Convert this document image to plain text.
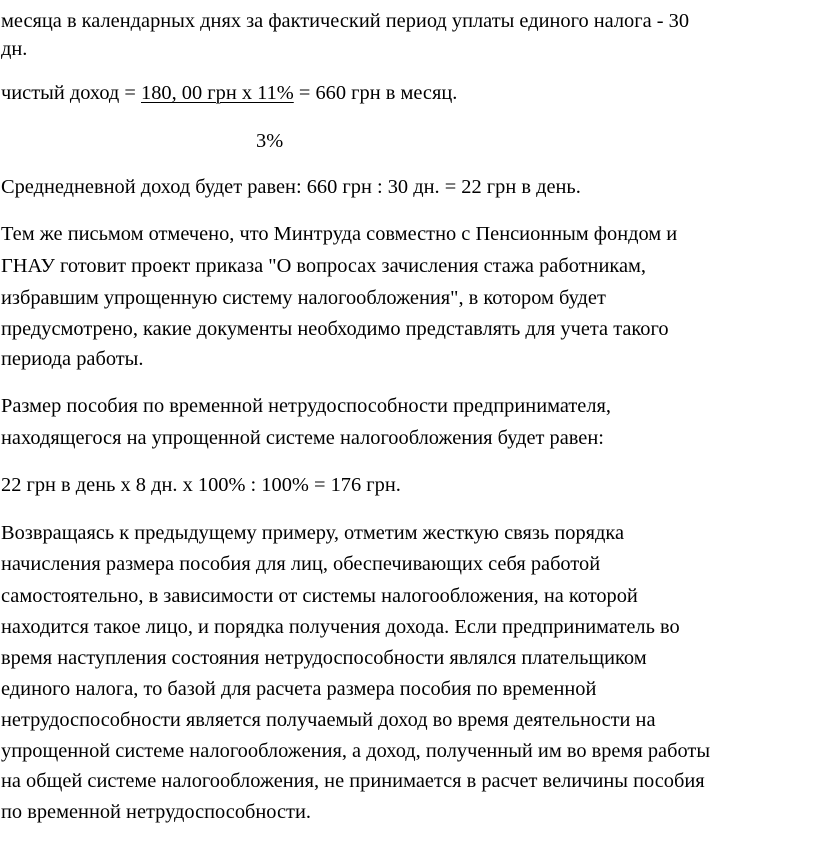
месяца в календарных днях за фактический период уплаты единого налога - 30
дн.
чистый доход = 180, 00 грн х 11% = 660 грн в месяц.
3%
Среднедневной доход будет равен: 660 грн : 30 дн. = 22 грн в день.
Тем же письмом отмечено, что Минтруда совместно с Пенсионным фондом и
ГНАУ готовит проект приказа "О вопросах зачисления стажа работникам,
избравшим упрощенную систему налогообложения", в котором будет
предусмотрено, какие документы необходимо представлять для учета такого
периода работы.
Размер пособия по временной нетрудоспособности предпринимателя,
находящегося на упрощенной системе налогообложения будет равен:
22 грн в день х 8 дн. х 100% : 100% = 176 грн.
Возвращаясь к предыдущему примеру, отметим жесткую связь порядка
начисления размера пособия для лиц, обеспечивающих себя работой
самостоятельно, в зависимости от системы налогообложения, на которой
находится такое лицо, и порядка получения дохода. Если предприниматель во
время наступления состояния нетрудоспособности являлся плательщиком
единого налога, то базой для расчета размера пособия по временной
нетрудоспособности является получаемый доход во время деятельности на
упрощенной системе налогообложения, а доход, полученный им во время работы
на общей системе налогообложения, не принимается в расчет величины пособия
по временной нетрудоспособности.
